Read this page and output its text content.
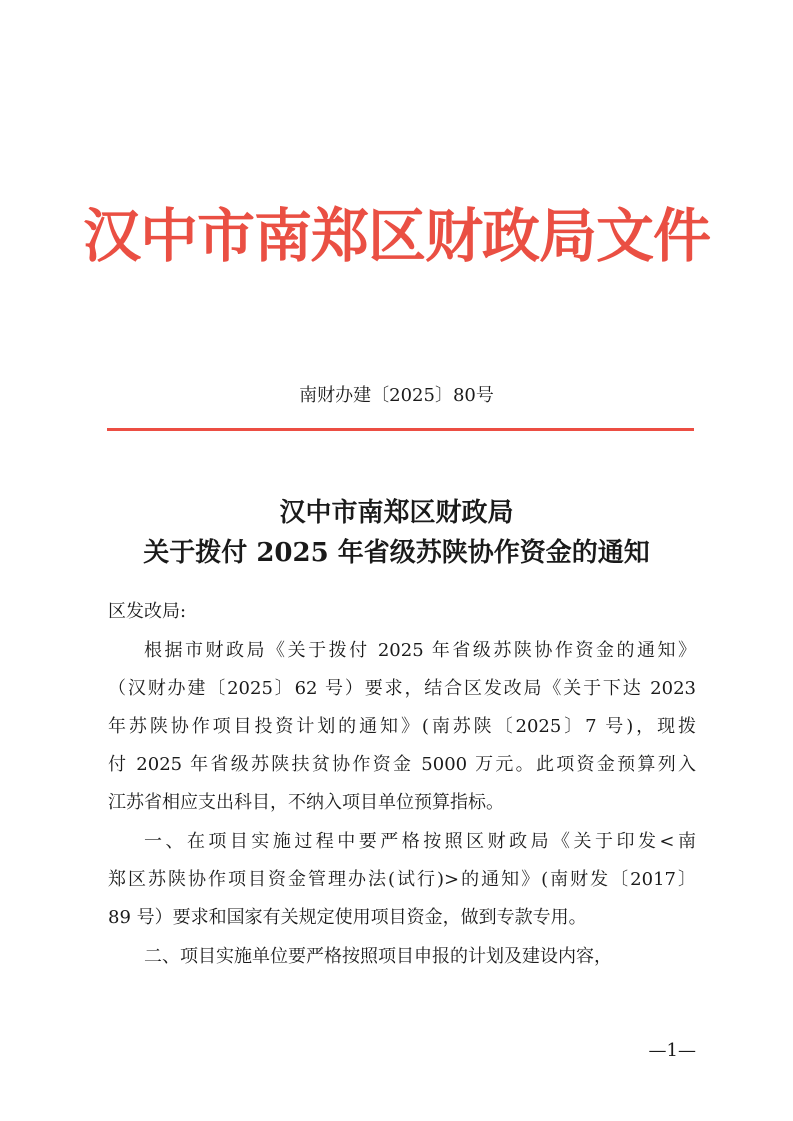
汉中市南郑区财政局文件
南财办建〔2025〕80号
汉中市南郑区财政局
关于拨付 2025 年省级苏陕协作资金的通知
区发改局:
根据市财政局《关于拨付 2025 年省级苏陕协作资金的通知》
（汉财办建〔2025〕62 号）要求，结合区发改局《关于下达 2023
年苏陕协作项目投资计划的通知》(南苏陕〔2025〕7 号)，现拨
付 2025 年省级苏陕扶贫协作资金 5000 万元。此项资金预算列入
江苏省相应支出科目，不纳入项目单位预算指标。
一、在项目实施过程中要严格按照区财政局《关于印发<南
郑区苏陕协作项目资金管理办法(试行)>的通知》(南财发〔2017〕
89 号）要求和国家有关规定使用项目资金，做到专款专用。
二、项目实施单位要严格按照项目申报的计划及建设内容，
—1—
